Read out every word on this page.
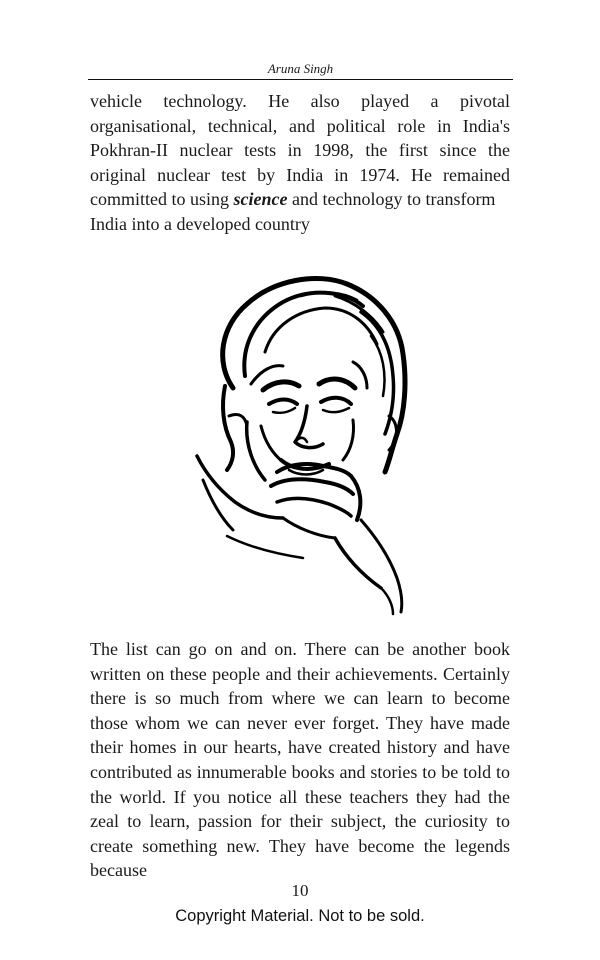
Aruna Singh

vehicle technology. He also played a pivotal organisational, technical, and political role in India's Pokhran-II nuclear tests in 1998, the first since the original nuclear test by India in 1974. He remained committed to using science and technology to transform
India into a developed country

The list can go on and on. There can be another book written on these people and their achievements. Certainly there is so much from where we can learn to become those whom we can never ever forget. They have made their homes in our hearts, have created history and have contributed as innumerable books and stories to be told to the world. If you notice all these teachers they had the zeal to learn, passion for their subject, the curiosity to create something new. They have become the legends because

10
Copyright Material. Not to be sold.
